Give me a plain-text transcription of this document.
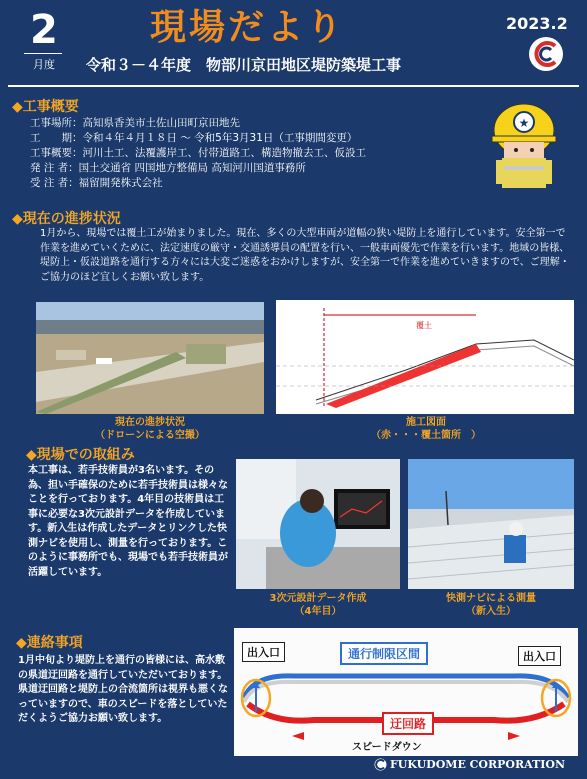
2
月度
現場だより	2023.2
令和３－４年度　物部川京田地区堤防築堤工事
◆工事概要
工事場所：高知県香美市土佐山田町京田地先
工　　期：令和４年４月１８日 ～ 令和5年3月31日（工事期間変更）
工事概要：河川土工、法覆護岸工、付帯道路工、構造物撤去工、仮設工
発 注 者：国土交通省 四国地方整備局 高知河川国道事務所
受 注 者：福留開発株式会社
★
◆現在の進捗状況
1月から、現場では覆土工が始まりました。現在、多くの大型車両が道幅の狭い堤防上を通行しています。安全第一で作業を進めていくために、法定速度の厳守・交通誘導員の配置を行い、一般車両優先で作業を行います。地域の皆様、堤防上・仮設道路を通行する方々には大変ご迷惑をおかけしますが、安全第一で作業を進めていきますので、ご理解・ご協力のほど宜しくお願い致します。
現在の進捗状況
（ドローンによる空撮）
覆土
施工図面
（赤・・・覆土箇所　）
◆現場での取組み
本工事は、若手技術員が3名います。その為、担い手確保のために若手技術員は様々なことを行っております。4年目の技術員は工事に必要な3次元設計データを作成しています。新入生は作成したデータとリンクした快測ナビを使用し、測量を行っております。このように事務所でも、現場でも若手技術員が活躍しています。
3次元設計データ作成
（4年目）
快測ナビによる測量
（新入生）
◆連絡事項
1月中旬より堤防上を通行の皆様には、高水敷の県道迂回路を通行していただいております。県道迂回路と堤防上の合流箇所は視界も悪くなっていますので、車のスピードを落としていただくようご協力お願い致します。
出入口	出入口
通行制限区間
迂回路
スピードダウン
FUKUDOME CORPORATION
